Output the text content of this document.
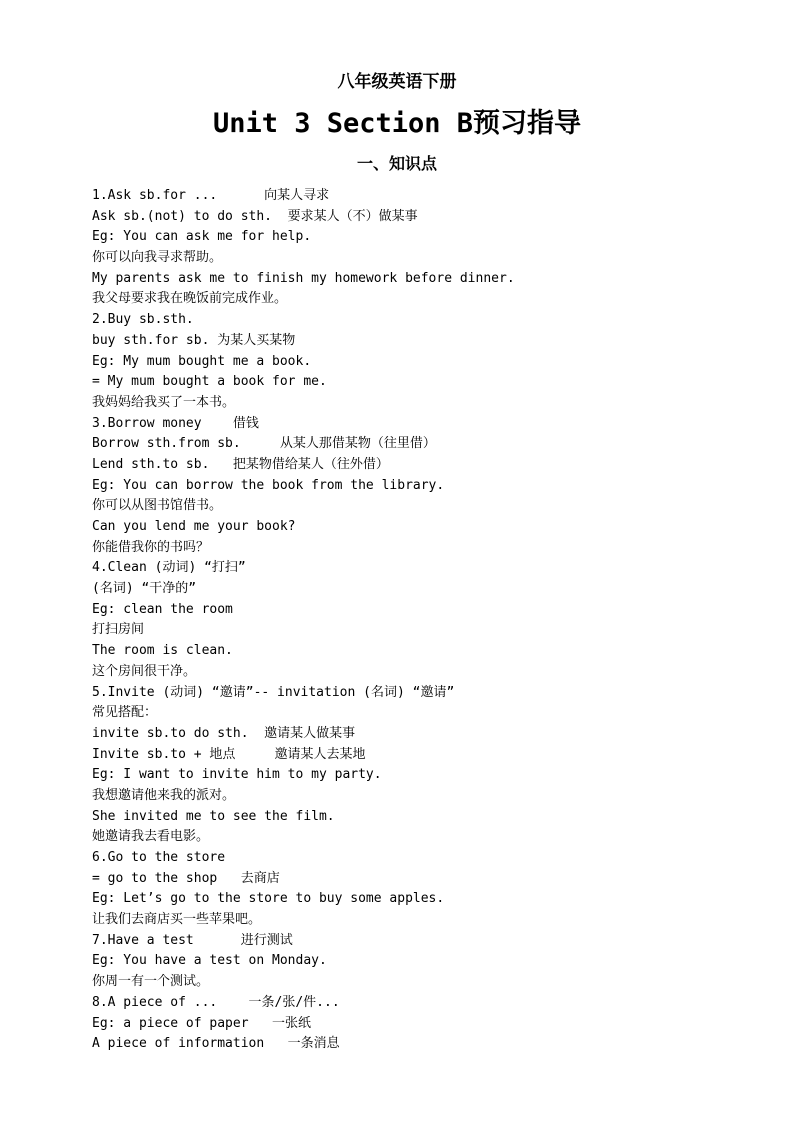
八年级英语下册
Unit 3 Section B预习指导
一、知识点
1.Ask sb.for ...      向某人寻求
Ask sb.(not) to do sth.  要求某人（不）做某事
Eg: You can ask me for help.
你可以向我寻求帮助。
My parents ask me to finish my homework before dinner.
我父母要求我在晚饭前完成作业。
2.Buy sb.sth.
buy sth.for sb. 为某人买某物
Eg: My mum bought me a book.
= My mum bought a book for me.
我妈妈给我买了一本书。
3.Borrow money    借钱
Borrow sth.from sb.     从某人那借某物（往里借）
Lend sth.to sb.   把某物借给某人（往外借）
Eg: You can borrow the book from the library.
你可以从图书馆借书。
Can you lend me your book?
你能借我你的书吗？
4.Clean (动词) “打扫”
(名词) “干净的”
Eg: clean the room
打扫房间
The room is clean.
这个房间很干净。
5.Invite (动词) “邀请”-- invitation (名词) “邀请”
常见搭配：
invite sb.to do sth.  邀请某人做某事
Invite sb.to + 地点     邀请某人去某地
Eg: I want to invite him to my party.
我想邀请他来我的派对。
She invited me to see the film.
她邀请我去看电影。
6.Go to the store
= go to the shop   去商店
Eg: Let’s go to the store to buy some apples.
让我们去商店买一些苹果吧。
7.Have a test      进行测试
Eg: You have a test on Monday.
你周一有一个测试。
8.A piece of ...    一条/张/件...
Eg: a piece of paper   一张纸
A piece of information   一条消息
